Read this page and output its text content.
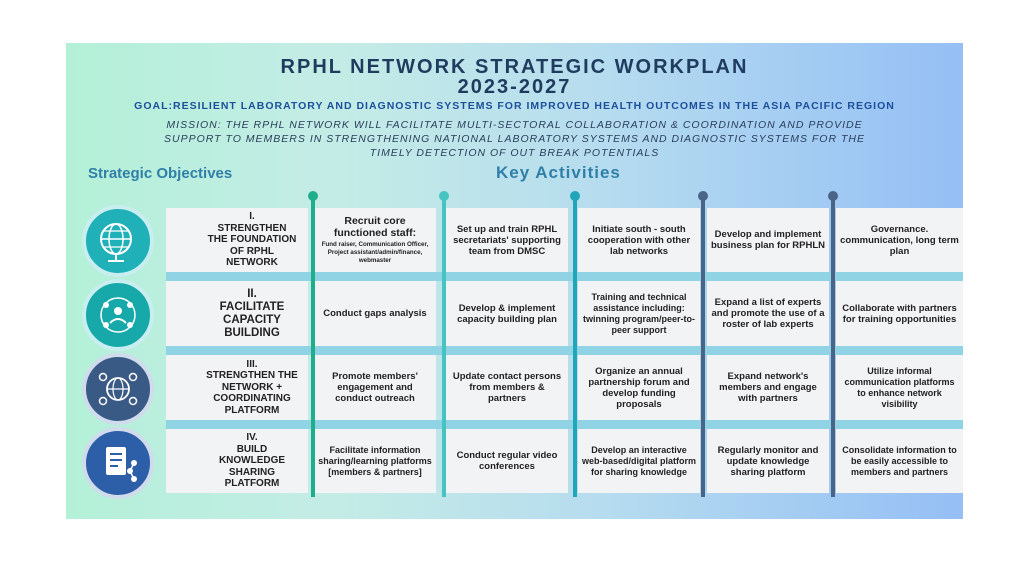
RPHL NETWORK STRATEGIC WORKPLAN
2023-2027
GOAL:RESILIENT LABORATORY AND DIAGNOSTIC SYSTEMS FOR IMPROVED HEALTH OUTCOMES IN THE ASIA PACIFIC REGION
MISSION: THE RPHL NETWORK WILL FACILITATE MULTI-SECTORAL COLLABORATION & COORDINATION AND PROVIDE
SUPPORT TO MEMBERS IN STRENGTHENING NATIONAL LABORATORY SYSTEMS AND DIAGNOSTIC SYSTEMS FOR THE
TIMELY DETECTION OF OUT BREAK POTENTIALS
Strategic Objectives	Key Activities
I.
STRENGTHEN
THE FOUNDATION
OF RPHL
NETWORK
Recruit core functioned staff:
Fund raiser, Communication Officer, Project assistant/admin/finance, webmaster
Set up and train RPHL secretariats' supporting team from DMSC
Initiate south - south cooperation with other lab networks
Develop and implement business plan for RPHLN
Governance. communication, long term plan
II.
FACILITATE
CAPACITY
BUILDING
Conduct gaps analysis	Develop & implement capacity building plan
Training and technical assistance including: twinning program/peer-to-peer support
Expand a list of experts and promote the use of a roster of lab experts
Collaborate with partners for training opportunities
III.
STRENGTHEN THE
NETWORK +
COORDINATING
PLATFORM
Promote members' engagement and conduct outreach
Update contact persons from members & partners
Organize an annual partnership forum and develop funding proposals
Expand network's members and engage with partners
Utilize informal communication platforms to enhance network visibility
IV.
BUILD
KNOWLEDGE
SHARING
PLATFORM
Facilitate information sharing/learning platforms [members & partners]
Conduct regular video conferences
Develop an interactive web-based/digital platform for sharing knowledge
Regularly monitor and update knowledge sharing platform
Consolidate information to be easily accessible to members and partners
